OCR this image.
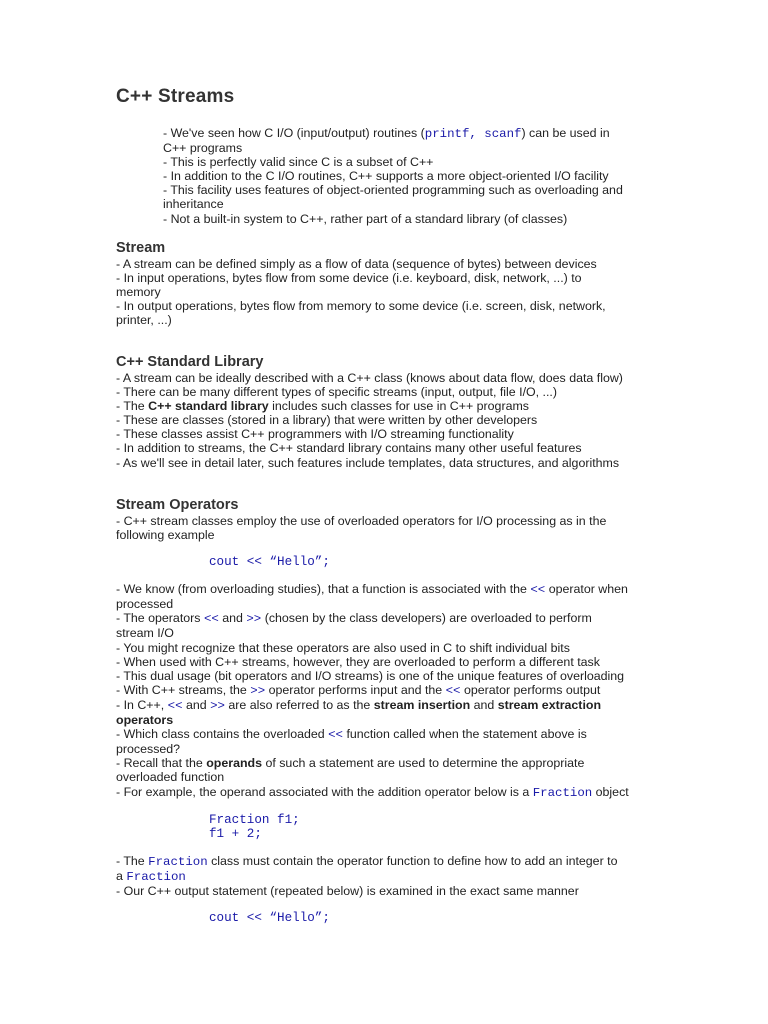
C++ Streams
- We've seen how C I/O (input/output) routines (printf, scanf) can be used in
C++ programs
- This is perfectly valid since C is a subset of C++
- In addition to the C I/O routines, C++ supports a more object-oriented I/O facility
- This facility uses features of object-oriented programming such as overloading and
inheritance
- Not a built-in system to C++, rather part of a standard library (of classes)
Stream
- A stream can be defined simply as a flow of data (sequence of bytes) between devices
- In input operations, bytes flow from some device (i.e. keyboard, disk, network, ...) to
memory
- In output operations, bytes flow from memory to some device (i.e. screen, disk, network,
printer, ...)
C++ Standard Library
- A stream can be ideally described with a C++ class (knows about data flow, does data flow)
- There can be many different types of specific streams (input, output, file I/O, ...)
- The C++ standard library includes such classes for use in C++ programs
- These are classes (stored in a library) that were written by other developers
- These classes assist C++ programmers with I/O streaming functionality
- In addition to streams, the C++ standard library contains many other useful features
- As we'll see in detail later, such features include templates, data structures, and algorithms
Stream Operators
- C++ stream classes employ the use of overloaded operators for I/O processing as in the
following example
cout << “Hello”;
- We know (from overloading studies), that a function is associated with the << operator when
processed
- The operators << and >> (chosen by the class developers) are overloaded to perform
stream I/O
- You might recognize that these operators are also used in C to shift individual bits
- When used with C++ streams, however, they are overloaded to perform a different task
- This dual usage (bit operators and I/O streams) is one of the unique features of overloading
- With C++ streams, the >> operator performs input and the << operator performs output
- In C++, << and >> are also referred to as the stream insertion and stream extraction
operators
- Which class contains the overloaded << function called when the statement above is
processed?
- Recall that the operands of such a statement are used to determine the appropriate
overloaded function
- For example, the operand associated with the addition operator below is a Fraction object
Fraction f1;
f1 + 2;
- The Fraction class must contain the operator function to define how to add an integer to
a Fraction
- Our C++ output statement (repeated below) is examined in the exact same manner
cout << “Hello”;
